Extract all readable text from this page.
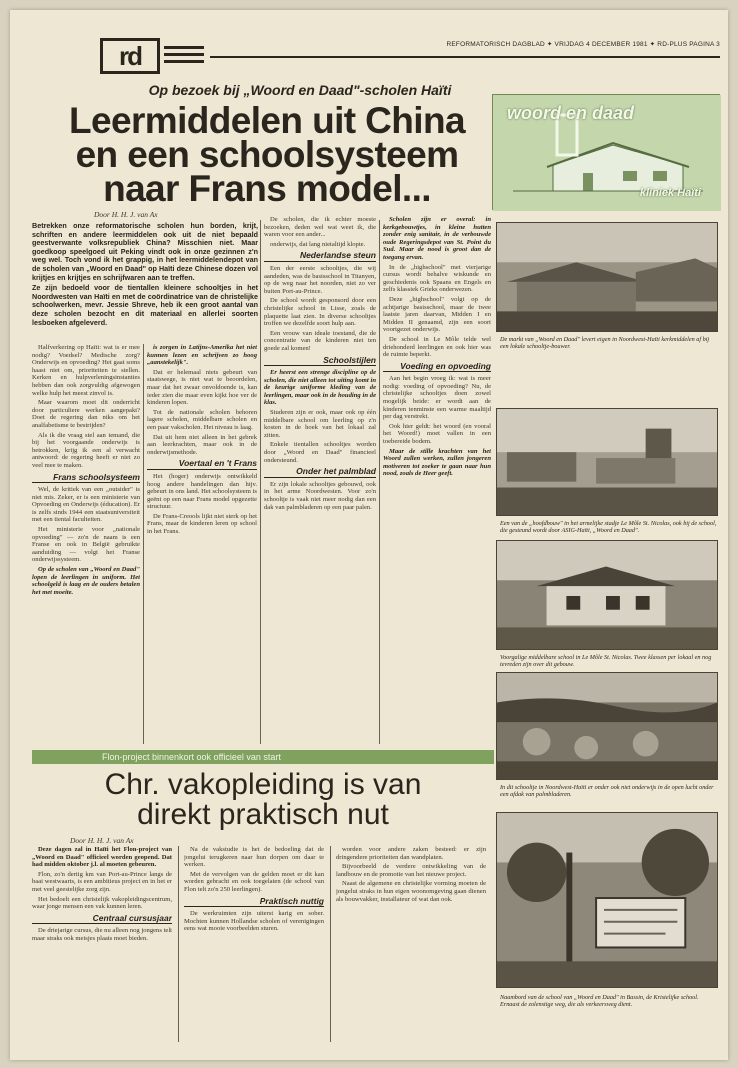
rd	REFORMATORISCH DAGBLAD ✦ VRIJDAG 4 DECEMBER 1981 ✦ RD-PLUS PAGINA 3
Op bezoek bij „Woord en Daad"-scholen Haïti
Leermiddelen uit China
en een schoolsysteem
naar Frans model...
Door H. H. J. van Ax

Betrekken onze reformatorische scholen hun borden, krijt, schriften en andere leermiddelen ook uit de niet bepaald geestverwante volksrepubliek China? Misschien niet. Maar goedkoop speelgoed uit Peking vindt ook in onze gezinnen z'n weg wel. Toch vond ik het grappig, in het leermiddelendepot van de scholen van „Woord en Daad" op Haïti deze Chinese dozen vol krijtjes en krijtjes en schrijfwaren aan te treffen.

Ze zijn bedoeld voor de tientallen kleinere schooltjes in het Noordwesten van Haïti en met de coördinatrice van de christelijke schoolwerken, mevr. Jessie Shreve, heb ik een groot aantal van deze scholen bezocht en dit materiaal en allerlei soorten lesboeken afgeleverd.

Halfverkering op Haïti: wat is er mee nodig? Voedsel? Medische zorg? Onderwijs en opvoeding? Het gaat soms haast niet om, prioriteiten te stellen. Kerken en hulpverleningsinstanties hebben dan ook zorgvuldig afgewogen welke hulp het meest zinvol is.

Maar waarom moet dit onderricht door particuliere werken aangepakt? Doet de regering dan niks om het analfabetisme te bestrijden?

Als ik die vraag stel aan iemand, die bij het voorgaande onderwijs is betrokken, krijg ik een al verwacht antwoord: de regering heeft er niet zo veel mee te maken.

Frans schoolsysteem

Wel, de kritiek van een „outsider" is niet mis. Zeker, er is een ministerie van Opvoeding en Onderwijs (éducation). Er is zelfs sinds 1944 een staatsuniversiteit met een tiental faculteiten.

Het ministerie voor „nationale opvoeding" — zo'n de naam is een Franse en ook in België gebruikte aanduiding — volgt het Franse onderwijssysteem.

Op de scholen van „Woord en Daad" lopen de leerlingen in uniform. Het schoolgeld is laag en de ouders betalen het met moeite.

is zorgen in Latijns-Amerika het niet kunnen lezen en schrijven zo hoog „aanstekelijk".

Dat er helemaal niets gebeurt van staatswege, is niet wat te beoordelen, maar dat het zwaar onvoldoende is, kan ieder zien die maar even kijkt hoe ver de kinderen lopen.

Tot de nationale scholen behoren lagere scholen, middelbare scholen en een paar vakscholen. Het niveau is laag.

Dat uit hem niet alleen in het gebrek aan leerkrachten, maar ook in de onderwijsmethode.

Voertaal en 't Frans

Het (hoger) onderwijs ontwikkeld hoog andere handelingen dan hijv. gebeurt in ons land. Het schoolsysteem is geënt op een naar Frans model opgezette structuur.

De Frans-Creools lijkt niet sterk op het Frans, maar de kinderen leren op school in het Frans.

De scholen, die ik echter moeste bezoeken, deden wel wat weet ik, die waren voor een ander...

onderwijs, dat lang nietaltijd klopte.

Nederlandse steun

Een der eerste schooltjes, die wij aandeden, was de basisschool in Titanyen, op de weg naar het noorden, niet zo ver buiten Port-au-Prince.

De school wordt gesponsord door een christelijke school in Lisse, zoals de plaquette laat zien. In diverse schooltjes troffen we dezelfde soort hulp aan.

Een vrouw van ideale toestand, die de concentratie van de kinderen niet ten goede zal komen!

Schoolstijlen

Er heerst een strenge discipline op de scholen, die niet alleen tot uiting komt in de keurige uniforme kleding van de leerlingen, maar ook in de houding in de klas.

Studeren zijn er ook, maar ook op één middelbare school om leerling op z'n kosten in de hoek van het lokaal zal zitten.

Enkele tientallen schooltjes worden door „Woord en Daad" financieel ondersteund.

Onder het palmblad

Er zijn lokale schooltjes gebouwd, ook in het arme Noordwesten. Voor zo'n schooltje is vaak niet meer nodig dan een dak van palmbladeren op een paar palen.

Scholen zijn er overal: in kerkgebouwtjes, in kleine hutten zonder enig sanitair, in de verbouwde oude Regeringsdepot van St. Point du Sud. Maar de nood is groot dan de toegang ervan.

In de „highschool" met vierjarige cursus wordt behalve wiskunde en geschiedenis ook Spaans en Engels en zelfs klassiek Grieks onderwezen.

Deze „highschool" volgt op de achtjarige basisschool, maar de twee laatste jaren daarvan, Midden I en Midden II genaamd, zijn een soort voortgezet onderwijs.

De school in Le Môle telde wel driehonderd leerlingen en ook hier was de ruimte beperkt.

Voeding en opvoeding

Aan het begin vroeg ik: wat is meer nodig: voeding of opvoeding? Nu, de christelijke schooltjes doen zowel mogelijk beide: er wordt aan de kinderen tenminste een warme maaltijd per dag verstrekt.

Ook hier geldt: het woord (en vooral het Woord!) moet vallen in een toebereide bodem.

Maar de stille krachten van het Woord zullen werken, zullen jongeren motiveren tot zoeker te gaan naar hun nood, zoals de Heer geeft.

woord en daad
kliniek Haïti
De markt van „Woord en Daad" levert eigen in Noordwest-Haïti kerkmiddelen af bij een lokale schooltje-bouwer.
Een van de „hoofdbouw" in het armelijke stadje Le Môle St. Nicolas, ook bij de school, die gesteund wordt door ASIG-Haïti, „Woord en Daad".
Voorgalige middelbare school in Le Môle St. Nicolas. Twee klassen per lokaal en nog tevreden zijn over dit gebouw.
In dit schooltje in Noordwest-Haïti er onder ook niet onderwijs in de open lucht onder een afdak van palmbladeren.
Naambord van de school van „Woord en Daad" in Bassin, de Kristelijke school. Ernaast de zolenstige weg, die als verkeersweg dient.
Flon-project binnenkort ook officieel van start
Chr. vakopleiding is van
direkt praktisch nut
Door H. H. J. van Ax

Deze dagen zal in Haïti het Flon-project van „Woord en Daad" officieel worden geopend. Dat had midden oktober j.l. al moeten gebeuren.

Flon, zo'n dertig km van Port-au-Prince langs de baai westwaarts, is een ambitieus project en in het er met veel geestelijke zorg zijn.

Het bedoelt een christelijk vakopleidingscentrum, waar jonge mensen een vak kunnen leren.

Centraal cursusjaar

De driejarige cursus, die nu alleen nog jongens telt maar straks ook meisjes plaats moet bieden.

Na de vakstudie is het de bedoeling dat de jongelui terugkeren naar hun dorpen om daar te werken.

Met de vervolgen van de gelden moet er dit kan worden gebracht en ook toegelaten (de school van Flon telt zo'n 250 leerlingen).

Praktisch nuttig

De werkruimten zijn uiterst karig en sober. Mochten kunnen Hollandse scholen of verenigingen eens wat mooie voorbeelden sturen.

worden voor andere zaken besteed: er zijn dringendere prioriteiten dan wandplaten.

Bijvoorbeeld de verdere ontwikkeling van de landbouw en de promotie van het nieuwe project.

Naast de algemene en christelijke vorming moeten de jongelui straks in hun eigen woonomgeving gaan dienen als bouwvakker, installateur of wat dan ook.
